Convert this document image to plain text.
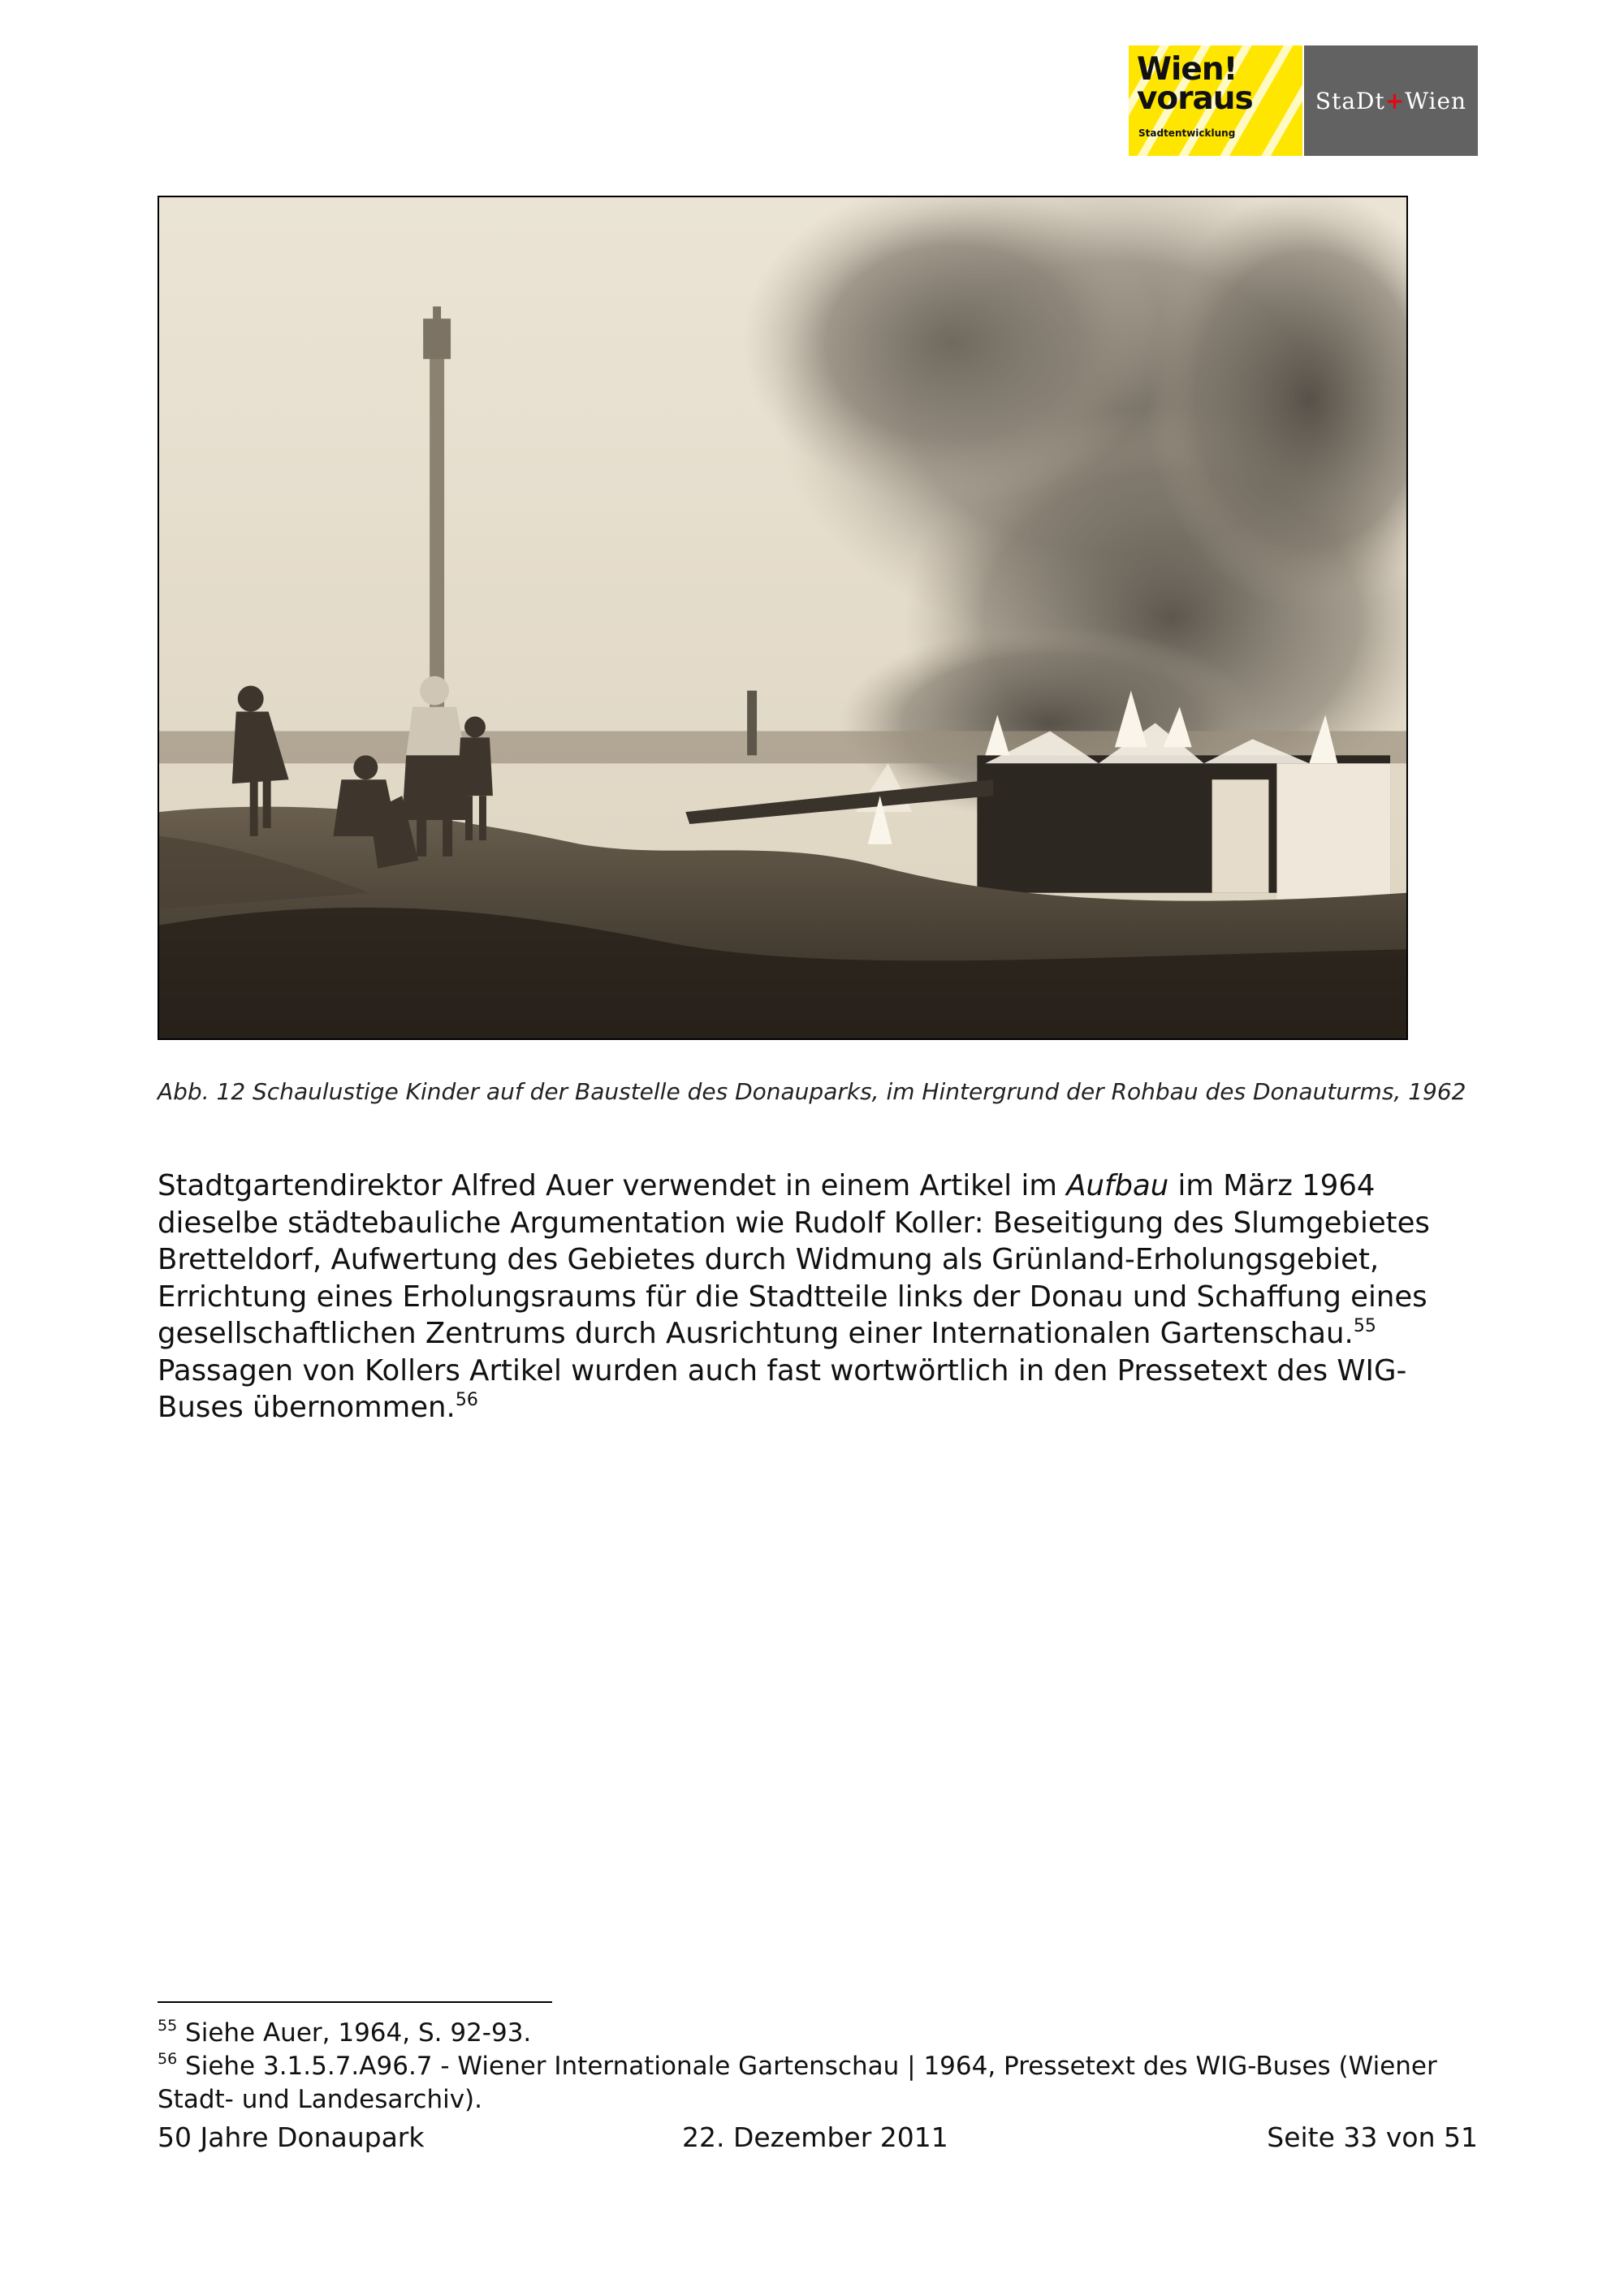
Wien!
voraus
Stadtentwicklung
StaDt + Wien
Abb. 12 Schaulustige Kinder auf der Baustelle des Donauparks, im Hintergrund der Rohbau des Donauturms, 1962

Stadtgartendirektor Alfred Auer verwendet in einem Artikel im Aufbau im März 1964 dieselbe städtebauliche Argumentation wie Rudolf Koller: Beseitigung des Slumgebietes Bretteldorf, Aufwertung des Gebietes durch Widmung als Grünland-Erholungsgebiet, Errichtung eines Erholungsraums für die Stadtteile links der Donau und Schaffung eines gesellschaftlichen Zentrums durch Ausrichtung einer Internationalen Gartenschau.$^{55}$ Passagen von Kollers Artikel wurden auch fast wortwörtlich in den Pressetext des WIG-Buses übernommen.$^{56}$

$^{55}$ Siehe Auer, 1964, S. 92-93.

$^{56}$ Siehe 3.1.5.7.A96.7 - Wiener Internationale Gartenschau | 1964, Pressetext des WIG-Buses (Wiener Stadt- und Landesarchiv).

50 Jahre Donaupark	22. Dezember 2011	Seite 33 von 51
